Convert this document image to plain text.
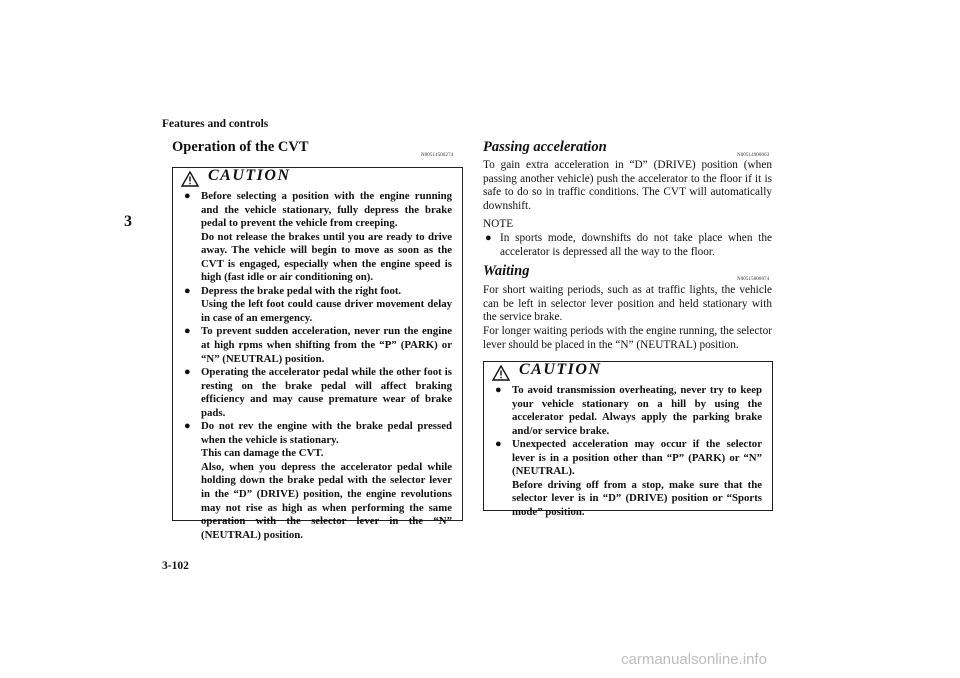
Features and controls
3
3-102
Operation of the CVT
N00514500274
CAUTION
● Before selecting a position with the engine running and the vehicle stationary, fully depress the brake pedal to prevent the vehicle from creeping.
Do not release the brakes until you are ready to drive away. The vehicle will begin to move as soon as the CVT is engaged, especially when the engine speed is high (fast idle or air conditioning on).
● Depress the brake pedal with the right foot.
Using the left foot could cause driver movement delay in case of an emergency.
● To prevent sudden acceleration, never run the engine at high rpms when shifting from the “P” (PARK) or “N” (NEUTRAL) position.
● Operating the accelerator pedal while the other foot is resting on the brake pedal will affect braking efficiency and may cause premature wear of brake pads.
● Do not rev the engine with the brake pedal pressed when the vehicle is stationary.
This can damage the CVT.
Also, when you depress the accelerator pedal while holding down the brake pedal with the selector lever in the “D” (DRIVE) position, the engine revolutions may not rise as high as when performing the same operation with the selector lever in the “N” (NEUTRAL) position.
Passing acceleration
N00514900063
To gain extra acceleration in “D” (DRIVE) position (when passing another vehicle) push the accelerator to the floor if it is safe to do so in traffic conditions. The CVT will automatically downshift.
NOTE
● In sports mode, downshifts do not take place when the accelerator is depressed all the way to the floor.
Waiting
N00515000074
For short waiting periods, such as at traffic lights, the vehicle can be left in selector lever position and held stationary with the service brake.
For longer waiting periods with the engine running, the selector lever should be placed in the “N” (NEUTRAL) position.
CAUTION
● To avoid transmission overheating, never try to keep your vehicle stationary on a hill by using the accelerator pedal. Always apply the parking brake and/or service brake.
● Unexpected acceleration may occur if the selector lever is in a position other than “P” (PARK) or “N” (NEUTRAL).
Before driving off from a stop, make sure that the selector lever is in “D” (DRIVE) position or “Sports mode” position.
carmanualsonline.info
